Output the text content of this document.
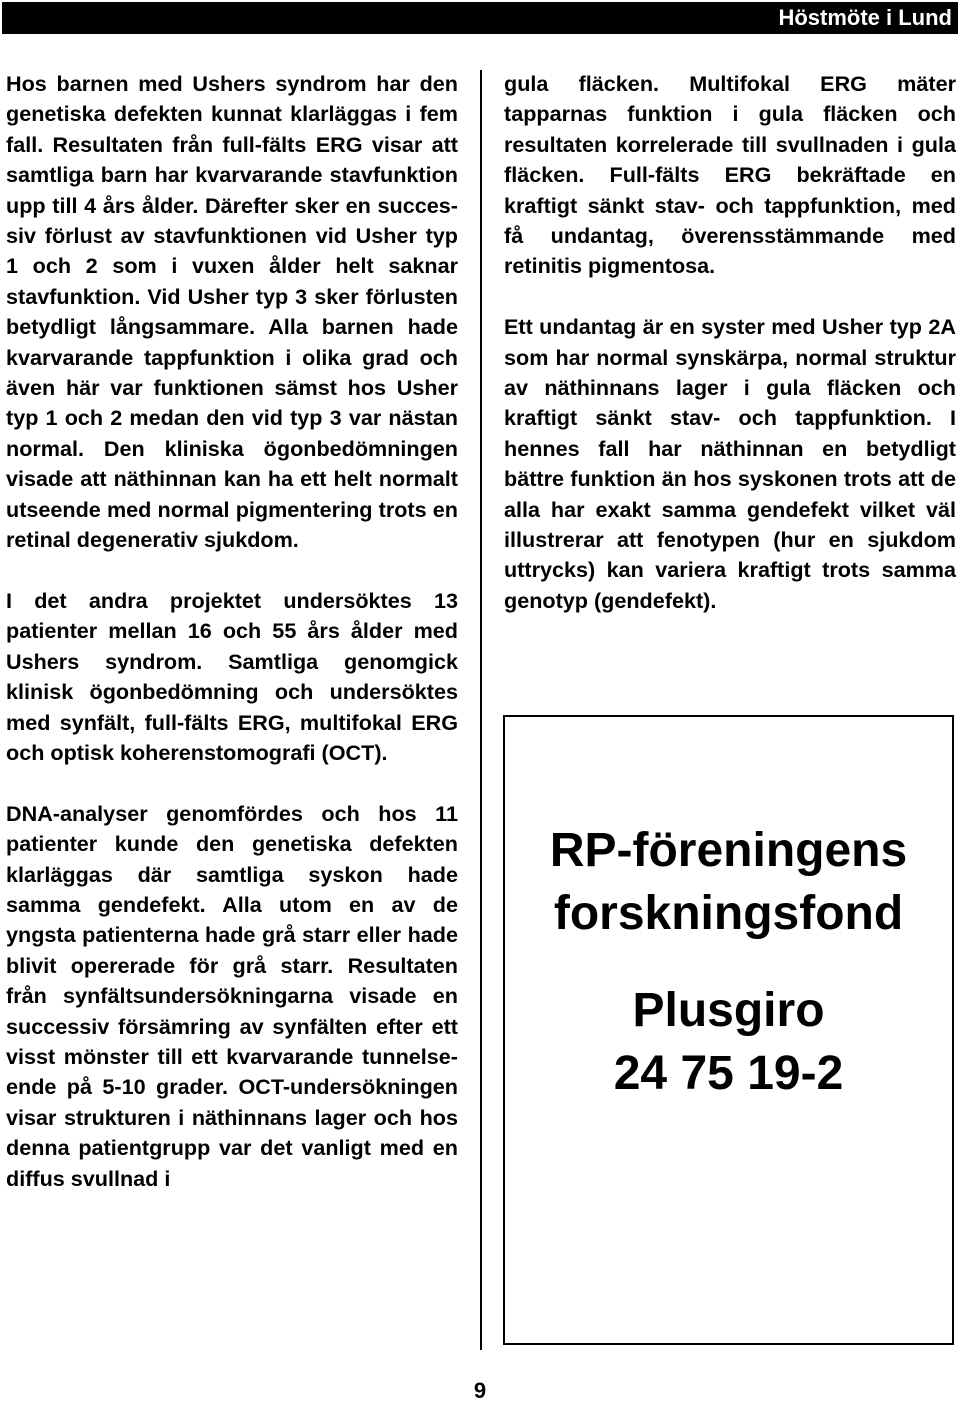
Höstmöte i Lund

Hos barnen med Ushers syndrom har den genetiska defekten kunnat klarläggas i fem fall. Resultaten från full-fälts ERG visar att samtliga barn har kvarvarande stavfunktion upp till 4 års ålder. Därefter sker en successiv förlust av stavfunktionen vid Usher typ 1 och 2 som i vuxen ålder helt saknar stavfunktion. Vid Usher typ 3 sker förlusten betydligt långsammare. Alla barnen hade kvarvarande tappfunktion i olika grad och även här var funktionen sämst hos Usher typ 1 och 2 medan den vid typ 3 var nästan normal. Den kliniska ögonbedömningen visade att näthinnan kan ha ett helt normalt utseende med normal pigmentering trots en retinal degenerativ sjukdom.

I det andra projektet undersöktes 13 patienter mellan 16 och 55 års ålder med Ushers syndrom. Samtliga genomgick klinisk ögonbedömning och undersöktes med synfält, full-fälts ERG, multifokal ERG och optisk koherenstomografi (OCT).

DNA-analyser genomfördes och hos 11 patienter kunde den genetiska defekten klarläggas där samtliga syskon hade samma gendefekt. Alla utom en av de yngsta patienterna hade grå starr eller hade blivit opererade för grå starr. Resultaten från synfältsundersökningarna visade en successiv försämring av synfälten efter ett visst mönster till ett kvarvarande tunnelseende på 5-10 grader. OCT-undersökningen visar strukturen i näthinnans lager och hos denna patientgrupp var det vanligt med en diffus svullnad i

gula fläcken. Multifokal ERG mäter tapparnas funktion i gula fläcken och resultaten korrelerade till svullnaden i gula fläcken. Full-fälts ERG bekräftade en kraftigt sänkt stav- och tappfunktion, med få undantag, överensstämmande med retinitis pigmentosa.

Ett undantag är en syster med Usher typ 2A som har normal synskärpa, normal struktur av näthinnans lager i gula fläcken och kraftigt sänkt stav- och tappfunktion. I hennes fall har näthinnan en betydligt bättre funktion än hos syskonen trots att de alla har exakt samma gendefekt vilket väl illustrerar att fenotypen (hur en sjukdom uttrycks) kan variera kraftigt trots samma genotyp (gendefekt).

RP-föreningens
forskningsfond
Plusgiro
24 75 19-2
9
